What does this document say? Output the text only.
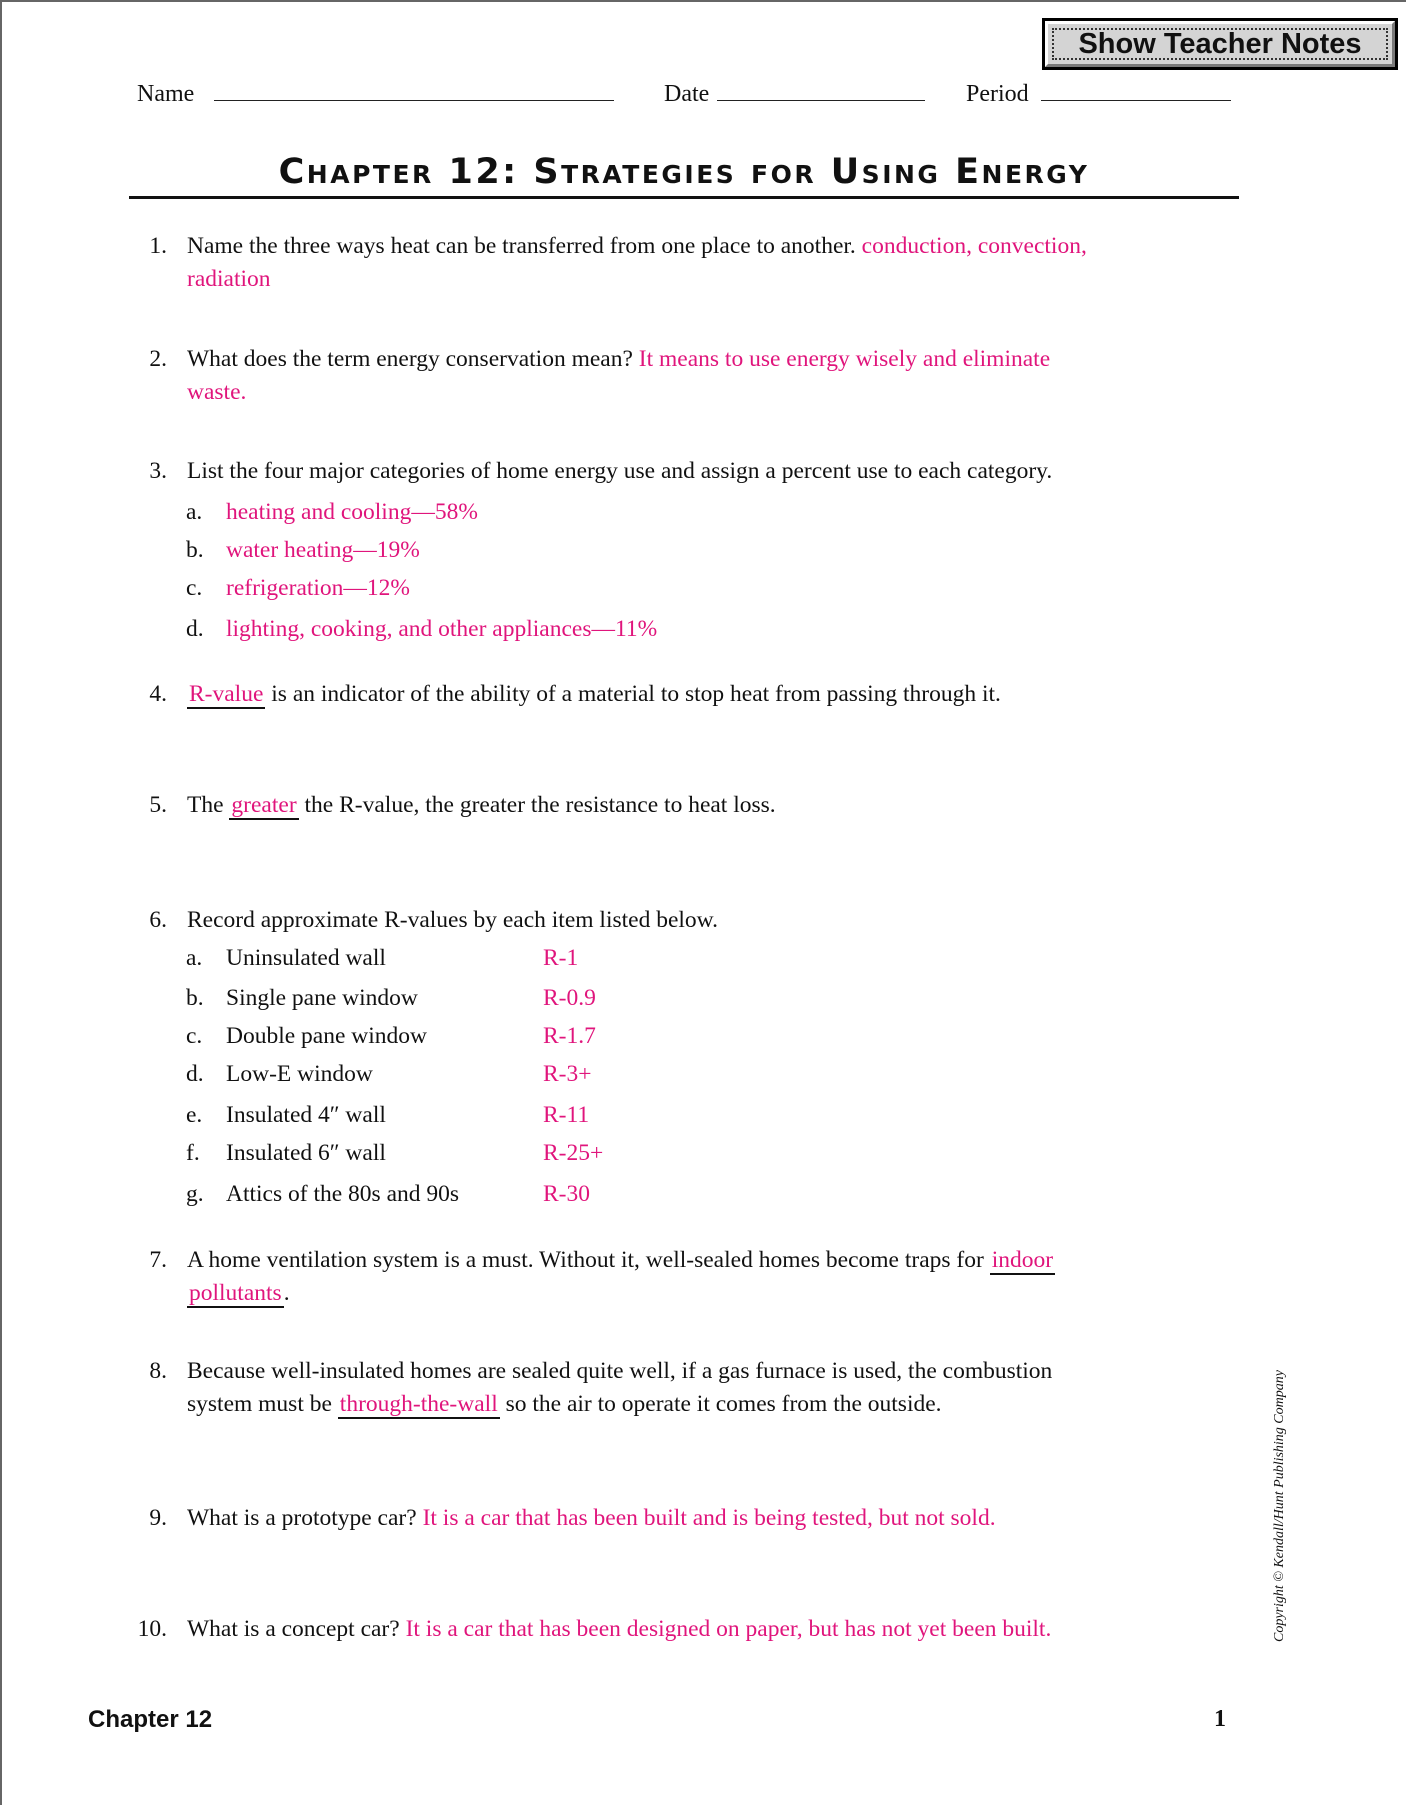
Show Teacher Notes
Name	Date	Period
Chapter 12: Strategies for Using Energy
1. Name the three ways heat can be transferred from one place to another. conduction, convection,
radiation
2. What does the term energy conservation mean? It means to use energy wisely and eliminate
waste.
3. List the four major categories of home energy use and assign a percent use to each category.
a. heating and cooling—58%
b. water heating—19%
c. refrigeration—12%
d. lighting, cooking, and other appliances—11%
4. R-value is an indicator of the ability of a material to stop heat from passing through it.
5. The greater the R-value, the greater the resistance to heat loss.
6. Record approximate R-values by each item listed below.
a. Uninsulated wall	R-1
b. Single pane window	R-0.9
c. Double pane window	R-1.7
d. Low-E window	R-3+
e. Insulated 4″ wall	R-11
f. Insulated 6″ wall	R-25+
g. Attics of the 80s and 90s	R-30
7. A home ventilation system is a must. Without it, well-sealed homes become traps for indoor
pollutants.
8. Because well-insulated homes are sealed quite well, if a gas furnace is used, the combustion
system must be through-the-wall so the air to operate it comes from the outside.
9. What is a prototype car? It is a car that has been built and is being tested, but not sold.
10. What is a concept car? It is a car that has been designed on paper, but has not yet been built.	Copyright © Kendall/Hunt Publishing Company
Chapter 12	1
